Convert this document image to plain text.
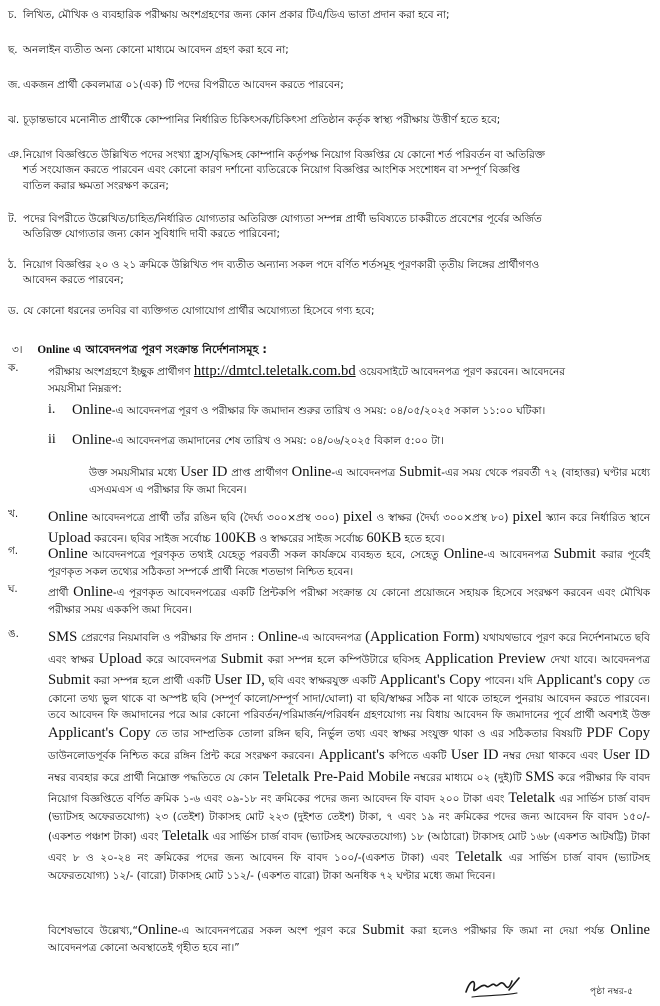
চ. লিখিত, মৌখিক ও ব্যবহারিক পরীক্ষায় অংশগ্রহণের জন্য কোন প্রকার টিএ/ডিএ ভাতা প্রদান করা হবে না;
ছ. অনলাইন ব্যতীত অন্য কোনো মাধ্যমে আবেদন গ্রহণ করা হবে না;
জ. একজন প্রার্থী কেবলমাত্র ০১(এক) টি পদের বিপরীতে আবেদন করতে পারবেন;
ঝ. চূড়ান্তভাবে মনোনীত প্রার্থীকে কোম্পানির নির্ধারিত চিকিৎসক/চিকিৎসা প্রতিষ্ঠান কর্তৃক স্বাস্থ্য পরীক্ষায় উত্তীর্ণ হতে হবে;
ঞ.নিয়োগ বিজ্ঞপ্তিতে উল্লিখিত পদের সংখ্যা হ্রাস/বৃদ্ধিসহ কোম্পানি কর্তৃপক্ষ নিয়োগ বিজ্ঞপ্তির যে কোনো শর্ত পরিবর্তন বা অতিরিক্ত
শর্ত সংযোজন করতে পারবেন এবং কোনো কারণ দর্শানো ব্যতিরেকে নিয়োগ বিজ্ঞপ্তির আংশিক সংশোধন বা সম্পূর্ণ বিজ্ঞপ্তি
বাতিল করার ক্ষমতা সংরক্ষণ করেন;
ট. পদের বিপরীতে উল্লেখিত/চাহিত/নির্ধারিত যোগ্যতার অতিরিক্ত যোগ্যতা সম্পন্ন প্রার্থী ভবিষ্যতে চাকরীতে প্রবেশের পূর্বের অর্জিত
অতিরিক্ত যোগ্যতার জন্য কোন সুবিধাদি দাবী করতে পারিবেনা;
ঠ. নিয়োগ বিজ্ঞপ্তির ২০ ও ২১ ক্রমিকে উল্লিখিত পদ ব্যতীত অন্যান্য সকল পদে বর্ণিত শর্তসমূহ পূরণকারী তৃতীয় লিঙ্গের প্রার্থীগণও
আবেদন করতে পারবেন;
ড. যে কোনো ধরনের তদবির বা ব্যক্তিগত যোগাযোগ প্রার্থীর অযোগ্যতা হিসেবে গণ্য হবে;
৩। Online এ আবেদনপত্র পূরণ সংক্রান্ত নির্দেশনাসমূহ :
ক.	পরীক্ষায় অংশগ্রহণে ইচ্ছুক প্রার্থীগণ http://dmtcl.teletalk.com.bd ওয়েবসাইটে আবেদনপত্র পূরণ করবেন। আবেদনের
সময়সীমা নিম্নরূপ:
i.	Online-এ আবেদনপত্র পূরণ ও পরীক্ষার ফি জমাদান শুরুর তারিখ ও সময়: ০৪/০৫/২০২৫ সকাল ১১:০০ ঘটিকা।
ii	Online-এ আবেদনপত্র জমাদানের শেষ তারিখ ও সময়: ০৪/০৬/২০২৫ বিকাল ৫:০০ টা।
উক্ত সময়সীমার মধ্যে User ID প্রাপ্ত প্রার্থীগণ Online-এ আবেদনপত্র Submit-এর সময় থেকে পরবর্তী ৭২ (বাহাত্তর) ঘণ্টার মধ্যে এসএমএস এ পরীক্ষার ফি জমা দিবেন।
খ.	Online আবেদনপত্রে প্রার্থী তাঁর রঙিন ছবি (দৈর্ঘ্য ৩০০×প্রস্থ ৩০০) pixel ও স্বাক্ষর (দৈর্ঘ্য ৩০০×প্রস্থ ৮০) pixel স্ক্যান করে নির্ধারিত স্থানে Upload করবেন। ছবির সাইজ সর্বোচ্চ 100KB ও স্বাক্ষরের সাইজ সর্বোচ্চ 60KB হতে হবে।
গ.	Online আবেদনপত্রে পূরণকৃত তথ্যই যেহেতু পরবর্তী সকল কার্যক্রমে ব্যবহৃত হবে, সেহেতু Online-এ আবেদনপত্র Submit করার পূর্বেই পূরণকৃত সকল তথ্যের সঠিকতা সম্পর্কে প্রার্থী নিজে শতভাগ নিশ্চিত হবেন।
ঘ.	প্রার্থী Online-এ পূরণকৃত আবেদনপত্রের একটি প্রিন্টকপি পরীক্ষা সংক্রান্ত যে কোনো প্রয়োজনে সহায়ক হিসেবে সংরক্ষণ করবেন এবং মৌখিক পরীক্ষার সময় এককপি জমা দিবেন।
ঙ.	SMS প্রেরণের নিয়মাবলি ও পরীক্ষার ফি প্রদান : Online-এ আবেদনপত্র (Application Form) যথাযথভাবে পূরণ করে নির্দেশনামতে ছবি এবং স্বাক্ষর Upload করে আবেদনপত্র Submit করা সম্পন্ন হলে কম্পিউটারে ছবিসহ Application Preview দেখা যাবে। আবেদনপত্র Submit করা সম্পন্ন হলে প্রার্থী একটি User ID, ছবি এবং স্বাক্ষরযুক্ত একটি Applicant's Copy পাবেন। যদি Applicant's copy তে কোনো তথ্য ভুল থাকে বা অস্পষ্ট ছবি (সম্পূর্ণ কালো/সম্পূর্ণ সাদা/ঘোলা) বা ছবি/স্বাক্ষর সঠিক না থাকে তাহলে পুনরায় আবেদন করতে পারবেন। তবে আবেদন ফি জমাদানের পরে আর কোনো পরিবর্তন/পরিমার্জন/পরিবর্ধন গ্রহণযোগ্য নয় বিধায় আবেদন ফি জমাদানের পূর্বে প্রার্থী অবশ্যই উক্ত Applicant's Copy তে তার সাম্প্রতিক তোলা রঙ্গিন ছবি, নির্ভুল তথ্য এবং স্বাক্ষর সংযুক্ত থাকা ও এর সঠিকতার বিষয়টি PDF Copy ডাউনলোডপূর্বক নিশ্চিত করে রঙ্গিন প্রিন্ট করে সংরক্ষণ করবেন। Applicant's কপিতে একটি User ID নম্বর দেয়া থাকবে এবং User ID নম্বর ব্যবহার করে প্রার্থী নিম্নোক্ত পদ্ধতিতে যে কোন Teletalk Pre-Paid Mobile নম্বরের মাধ্যমে ০২ (দুই)টি SMS করে পরীক্ষার ফি বাবদ নিয়োগ বিজ্ঞপ্তিতে বর্ণিত ক্রমিক ১-৬ এবং ০৯-১৮ নং ক্রমিকের পদের জন্য আবেদন ফি বাবদ ২০০ টাকা এবং Teletalk এর সার্ভিস চার্জ বাবদ (ভ্যাটসহ অফেরতযোগ্য) ২৩ (তেইশ) টাকাসহ মোট ২২৩ (দুইশত তেইশ) টাকা, ৭ এবং ১৯ নং ক্রমিকের পদের জন্য আবেদন ফি বাবদ ১৫০/-(একশত পঞ্চাশ টাকা) এবং Teletalk এর সার্ভিস চার্জ বাবদ (ভ্যাটসহ অফেরতযোগ্য) ১৮ (আঠারো) টাকাসহ মোট ১৬৮ (একশত আটষট্টি) টাকা এবং ৮ ও ২০-২৪ নং ক্রমিকের পদের জন্য আবেদন ফি বাবদ ১০০/-(একশত টাকা) এবং Teletalk এর সার্ভিস চার্জ বাবদ (ভ্যাটসহ অফেরতযোগ্য) ১২/- (বারো) টাকাসহ মোট ১১২/- (একশত বারো) টাকা অনধিক ৭২ ঘণ্টার মধ্যে জমা দিবেন।
বিশেষভাবে উল্লেখ্য,“Online-এ আবেদনপত্রের সকল অংশ পূরণ করে Submit করা হলেও পরীক্ষার ফি জমা না দেয়া পর্যন্ত Online আবেদনপত্র কোনো অবস্থাতেই গৃহীত হবে না।”
পৃষ্ঠা নম্বর-৫
